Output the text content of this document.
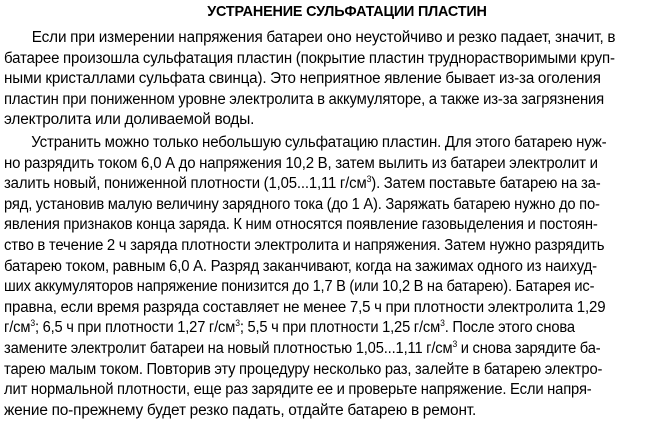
УСТРАНЕНИЕ СУЛЬФАТАЦИИ ПЛАСТИН
Если при измерении напряжения батареи оно неустойчиво и резко падает, значит, в
батарее произошла сульфатация пластин (покрытие пластин труднорастворимыми круп-
ными кристаллами сульфата свинца). Это неприятное явление бывает из-за оголения
пластин при пониженном уровне электролита в аккумуляторе, а также из-за загрязнения
электролита или доливаемой воды.
Устранить можно только небольшую сульфатацию пластин. Для этого батарею нуж-
но разрядить током 6,0 А до напряжения 10,2 В, затем вылить из батареи электролит и
залить новый, пониженной плотности (1,05...1,11 $г/см^3$). Затем поставьте батарею на за-
ряд, установив малую величину зарядного тока (до 1 А). Заряжать батарею нужно до по-
явления признаков конца заряда. К ним относятся появление газовыделения и постоян-
ство в течение 2 ч заряда плотности электролита и напряжения. Затем нужно разрядить
батарею током, равным 6,0 А. Разряд заканчивают, когда на зажимах одного из наихуд-
ших аккумуляторов напряжение понизится до 1,7 В (или 10,2 В на батарею). Батарея ис-
правна, если время разряда составляет не менее 7,5 ч при плотности электролита 1,29
$г/см^3$; 6,5 ч при плотности 1,27 $г/см^3$; 5,5 ч при плотности 1,25 $г/см^3$. После этого снова
замените электролит батареи на новый плотностью 1,05...1,11 $г/см^3$ и снова зарядите ба-
тарею малым током. Повторив эту процедуру несколько раз, залейте в батарею электро-
лит нормальной плотности, еще раз зарядите ее и проверьте напряжение. Если напря-
жение по-прежнему будет резко падать, отдайте батарею в ремонт.
